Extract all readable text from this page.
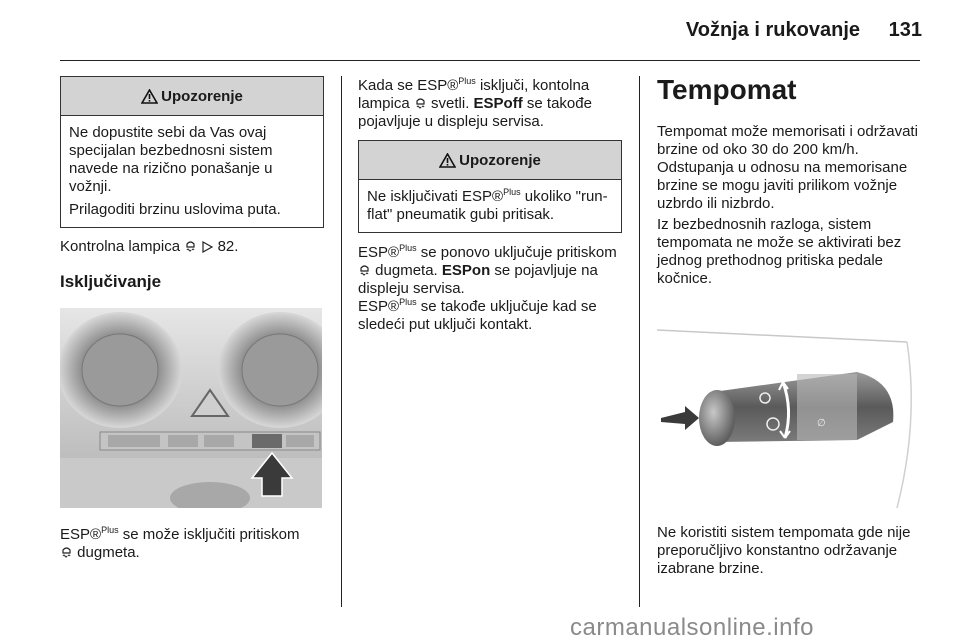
Vožnja i rukovanje	131
Upozorenje

Ne dopustite sebi da Vas ovaj specijalan bezbednosni sistem navede na rizično ponašanje u vožnji.

Prilagoditi brzinu uslovima puta.

Kontrolna lampica	82.

Isključivanje

ESP®$^{Plus}$ se može isključiti pritiskom  dugmeta.

Kada se ESP®$^{Plus}$ isključi, kontolna lampica svetli. ESPoff se takođe pojavljuje u displeju servisa.

Upozorenje

Ne isključivati ESP®$^{Plus}$ ukoliko "run-flat" pneumatik gubi pritisak.

ESP®$^{Plus}$ se ponovo uključuje pritiskom  dugmeta. ESPon se pojavljuje na displeju servisa.
ESP®$^{Plus}$ se takođe uključuje kad se sledeći put uključi kontakt.

Tempomat

Tempomat može memorisati i održavati brzine od oko 30 do 200 km/h. Odstupanja u odnosu na memorisane brzine se mogu javiti prilikom vožnje uzbrdo ili nizbrdo.

Iz bezbednosnih razloga, sistem tempomata ne može se aktivirati bez jednog prethodnog pritiska pedale kočnice.

∅

Ne koristiti sistem tempomata gde nije preporučljivo konstantno održavanje izabrane brzine.

carmanualsonline.info
